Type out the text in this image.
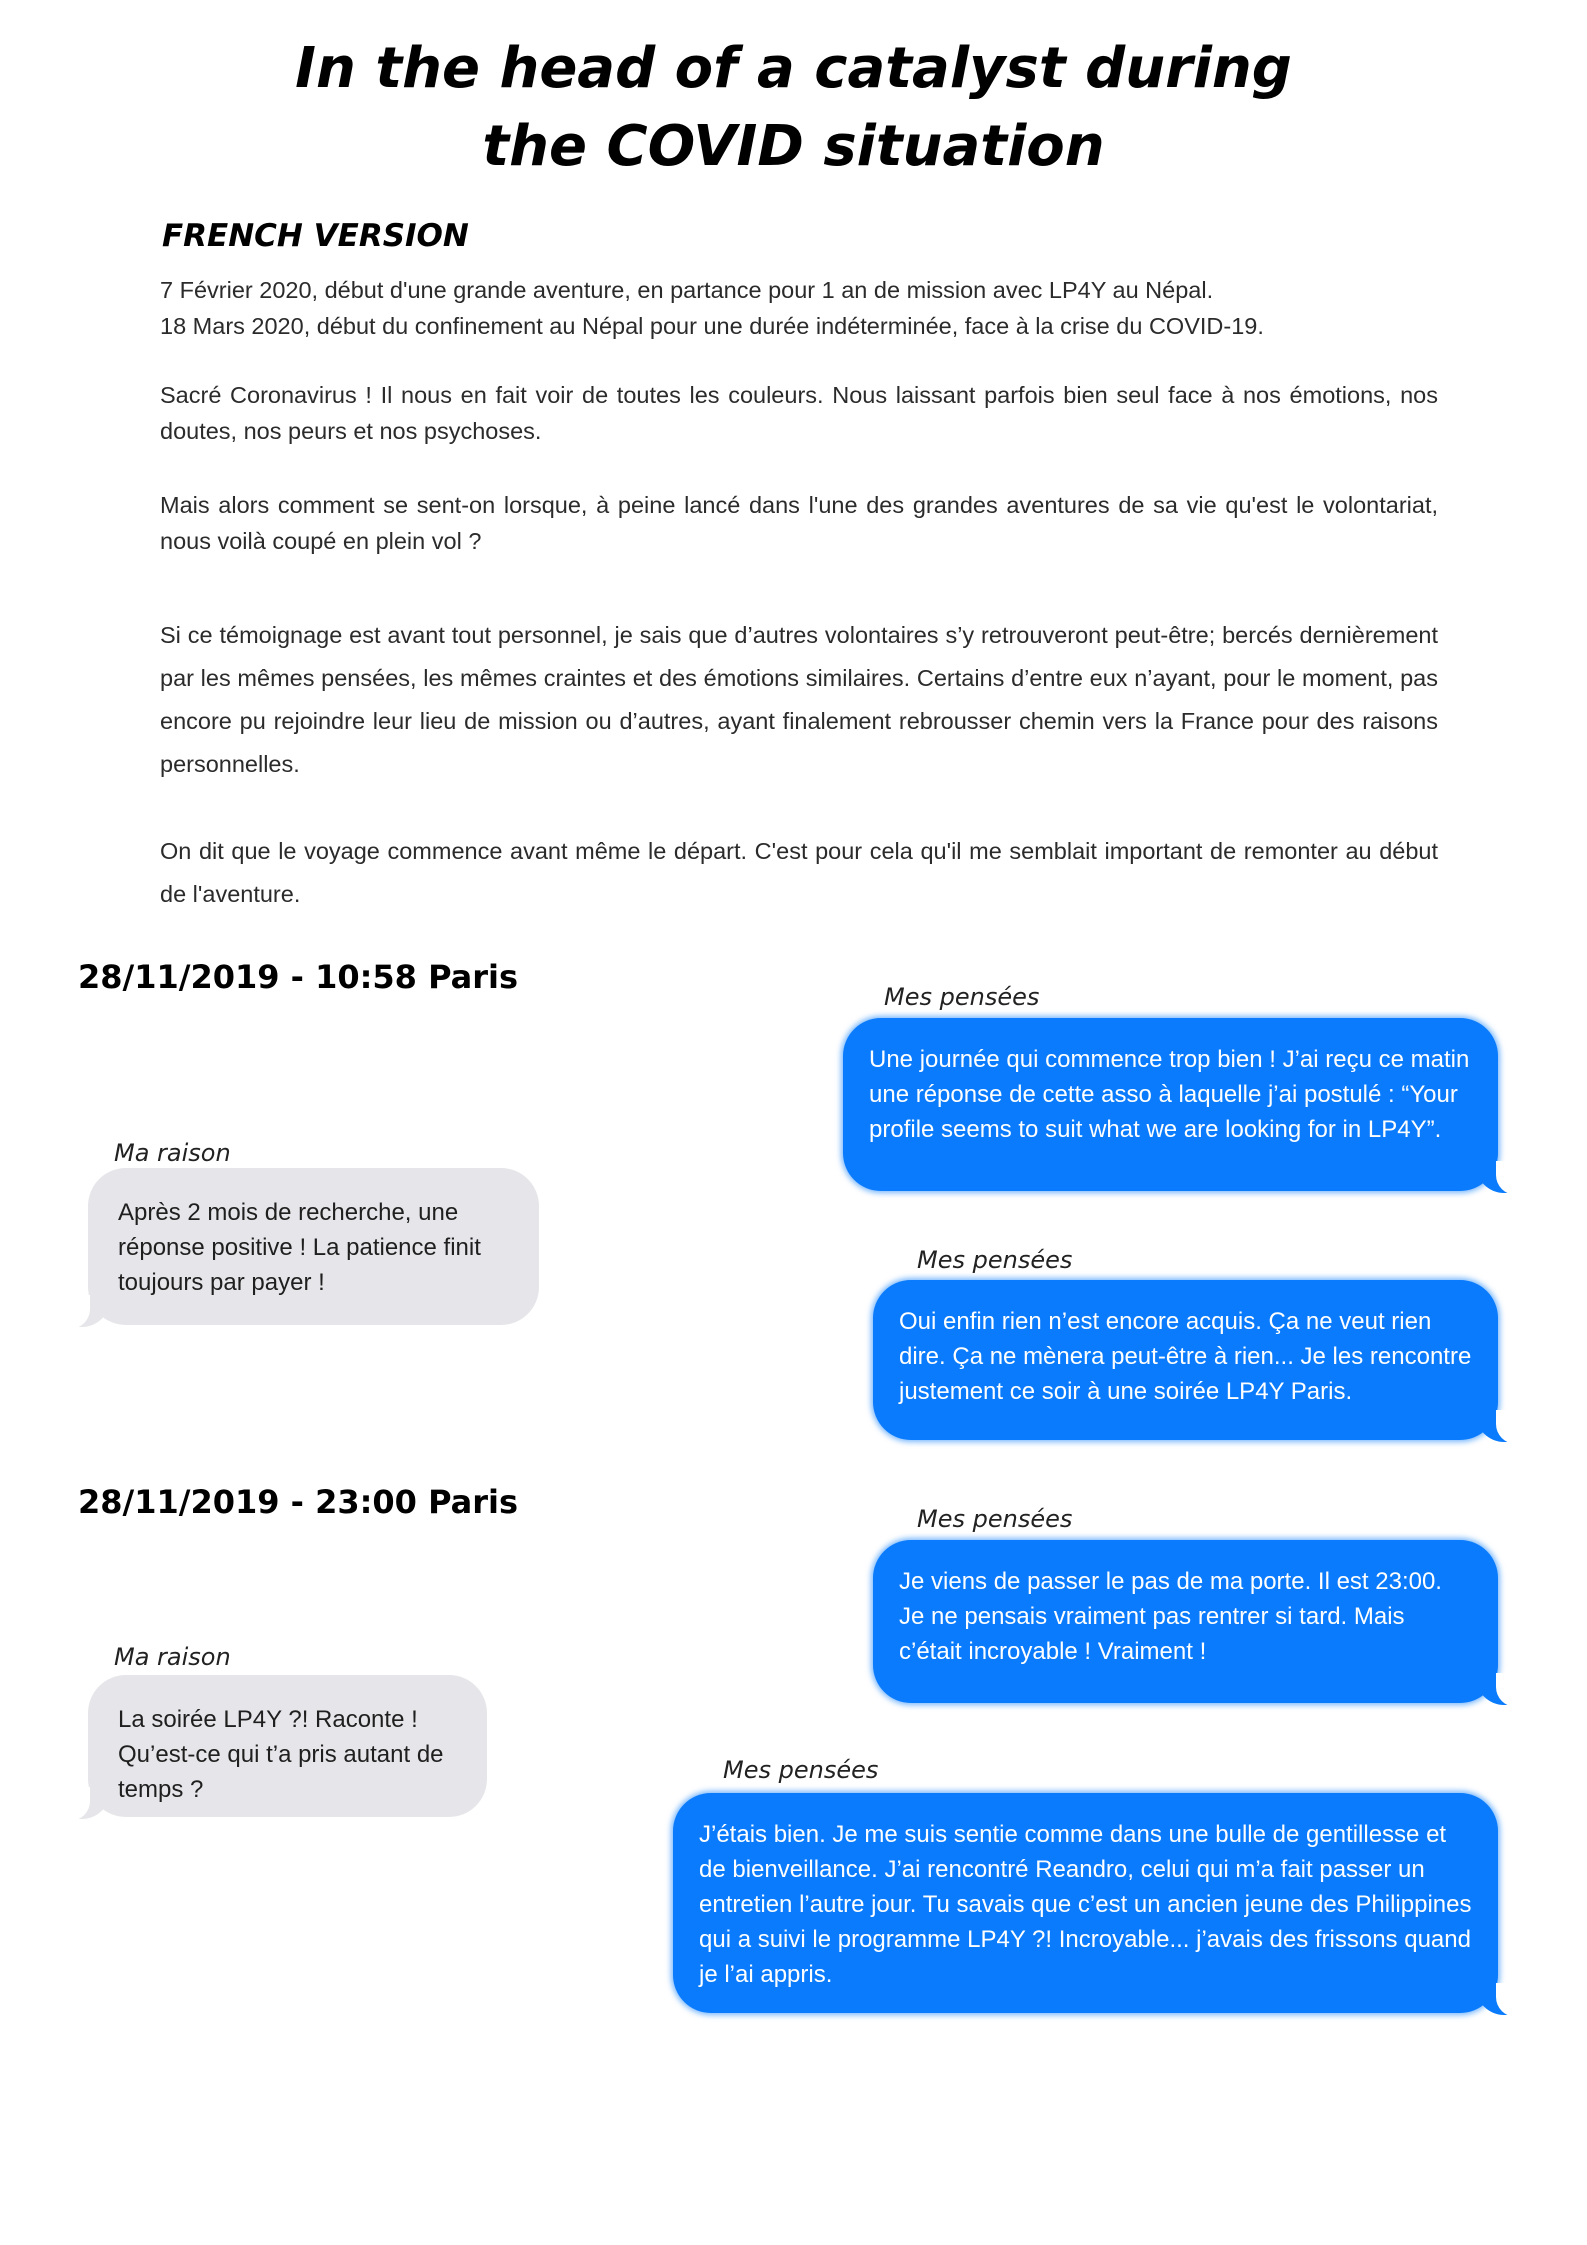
In the head of a catalyst during
the COVID situation
FRENCH VERSION

7 Février 2020, début d'une grande aventure, en partance pour 1 an de mission avec LP4Y au Népal.
18 Mars 2020, début du confinement au Népal pour une durée indéterminée, face à la crise du COVID-19.

Sacré Coronavirus ! Il nous en fait voir de toutes les couleurs. Nous laissant parfois bien seul face à nos émotions, nos doutes, nos peurs et nos psychoses.

Mais alors comment se sent-on lorsque, à peine lancé dans l'une des grandes aventures de sa vie qu'est le volontariat, nous voilà coupé en plein vol ?

Si ce témoignage est avant tout personnel, je sais que d’autres volontaires s’y retrouveront peut-être; bercés dernièrement par les mêmes pensées, les mêmes craintes et des émotions similaires. Certains d’entre eux n’ayant, pour le moment, pas encore pu rejoindre leur lieu de mission ou d’autres, ayant finalement rebrousser chemin vers la France pour des raisons personnelles.

On dit que le voyage commence avant même le départ. C'est pour cela qu'il me semblait important de remonter au début de l'aventure.

28/11/2019 - 10:58 Paris
Mes pensées
Une journée qui commence trop bien ! J’ai reçu ce matin une réponse de cette asso à laquelle j’ai postulé : “Your profile seems to suit what we are looking for in LP4Y”.
Ma raison
Après 2 mois de recherche, une réponse positive ! La patience finit toujours par payer !
Mes pensées
Oui enfin rien n’est encore acquis. Ça ne veut rien dire. Ça ne mènera peut-être à rien... Je les rencontre justement ce soir à une soirée LP4Y Paris.
28/11/2019 - 23:00 Paris	Mes pensées
Je viens de passer le pas de ma porte. Il est 23:00. Je ne pensais vraiment pas rentrer si tard. Mais c’était incroyable ! Vraiment !
Ma raison
La soirée LP4Y ?! Raconte ! Qu’est-ce qui t’a pris autant de temps ?
Mes pensées
J’étais bien. Je me suis sentie comme dans une bulle de gentillesse et de bienveillance. J’ai rencontré Reandro, celui qui m’a fait passer un entretien l’autre jour. Tu savais que c’est un ancien jeune des Philippines qui a suivi le programme LP4Y ?! Incroyable... j’avais des frissons quand je l’ai appris.
